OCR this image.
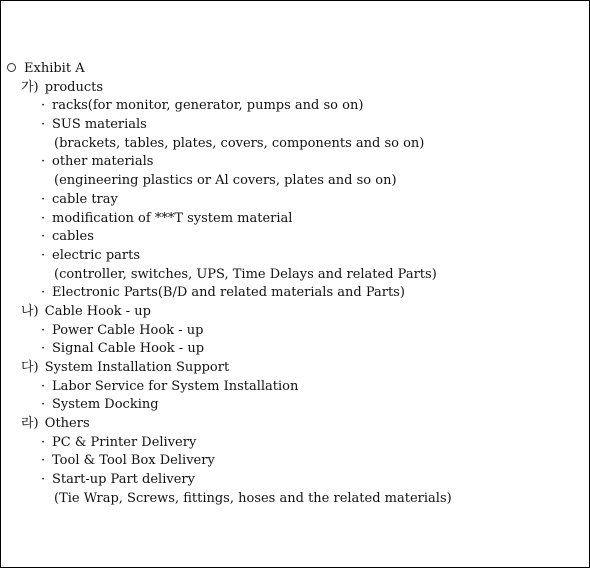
Exhibit A
가) products
· racks(for monitor, generator, pumps and so on)
· SUS materials
(brackets, tables, plates, covers, components and so on)
· other materials
(engineering plastics or Al covers, plates and so on)
· cable tray
· modification of ***T system material
· cables
· electric parts
(controller, switches, UPS, Time Delays and related Parts)
· Electronic Parts(B/D and related materials and Parts)
나) Cable Hook - up
· Power Cable Hook - up
· Signal Cable Hook - up
다) System Installation Support
· Labor Service for System Installation
· System Docking
라) Others
· PC & Printer Delivery
· Tool & Tool Box Delivery
· Start-up Part delivery
(Tie Wrap, Screws, fittings, hoses and the related materials)
